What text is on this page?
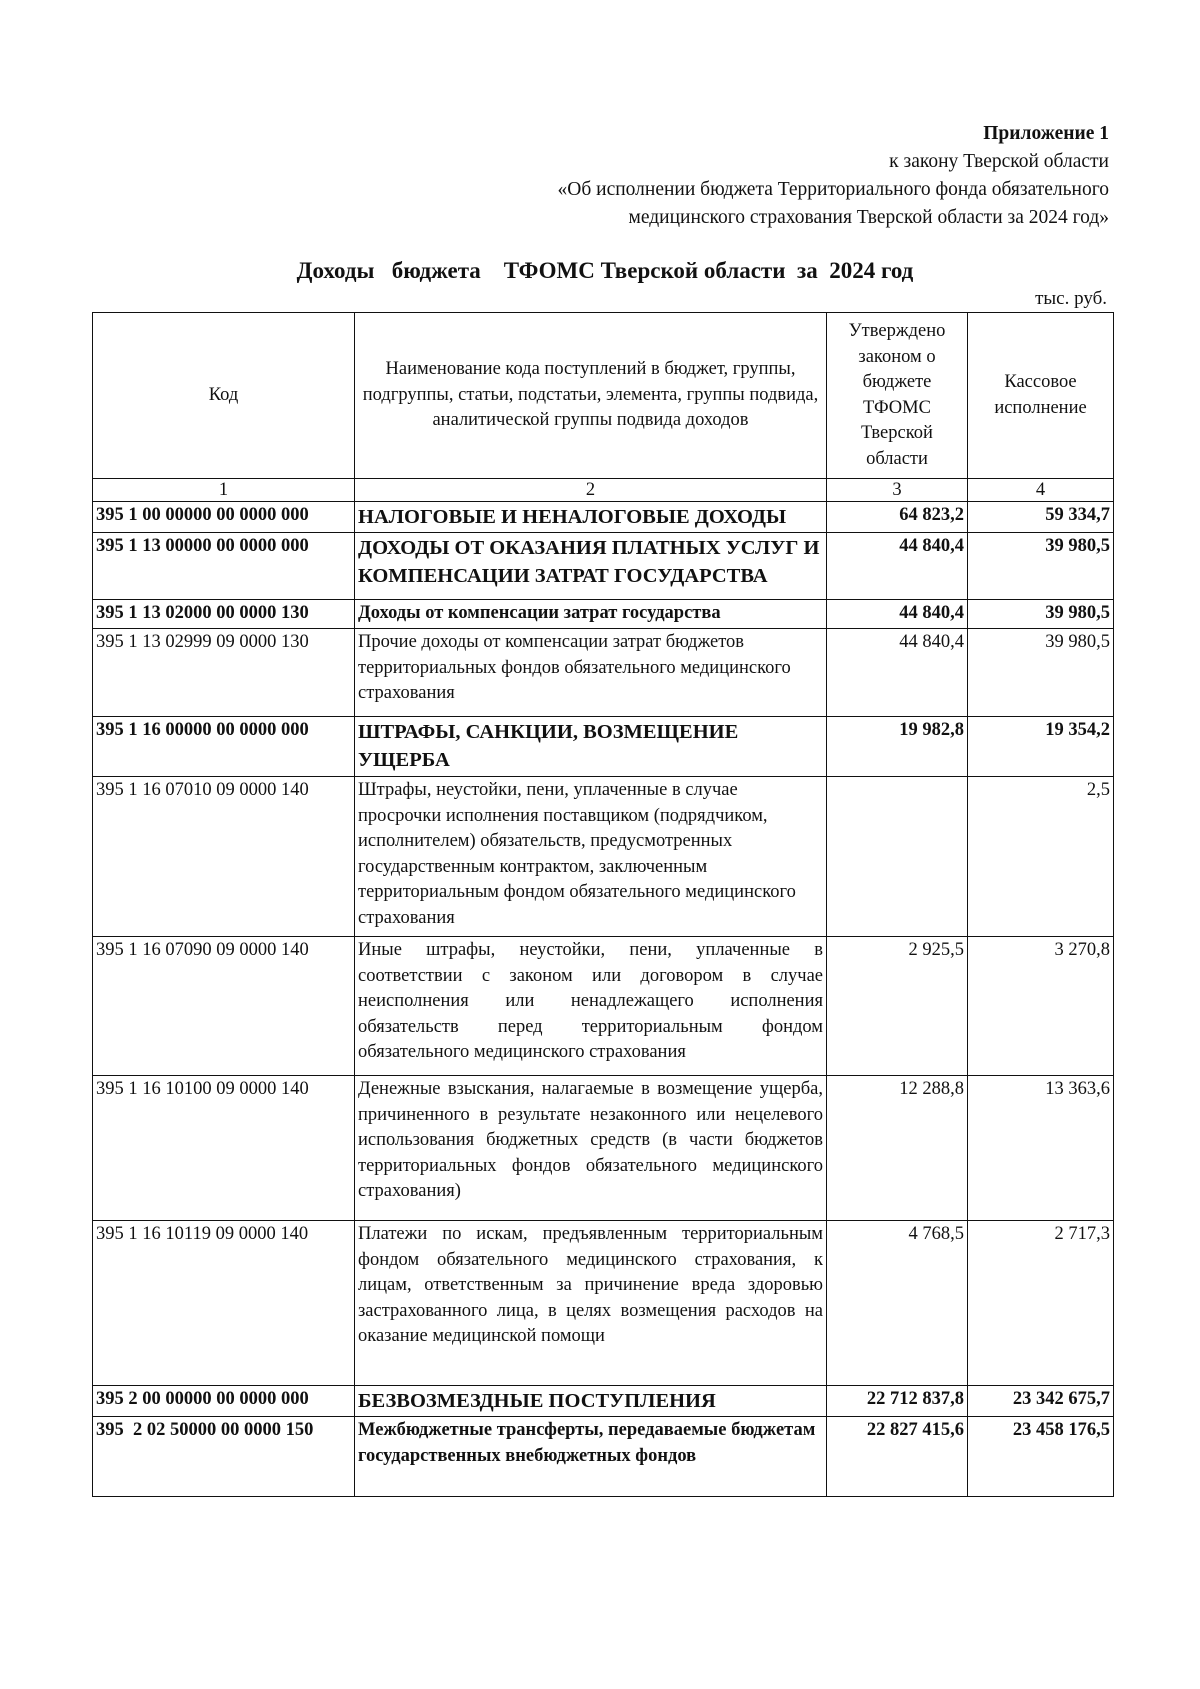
Приложение 1
к закону Тверской области
«Об исполнении бюджета Территориального фонда обязательного
медицинского страхования Тверской области за 2024 год»
Доходы   бюджета    ТФОМС Тверской области  за  2024 год
тыс. руб.
Код	Наименование кода поступлений в бюджет, группы, подгруппы, статьи, подстатьи, элемента, группы подвида, аналитической группы подвида доходов	Утверждено законом о бюджете ТФОМС Тверской области	Кассовое исполнение
1	2	3	4
395 1 00 00000 00 0000 000	НАЛОГОВЫЕ И НЕНАЛОГОВЫЕ ДОХОДЫ	64 823,2	59 334,7
395 1 13 00000 00 0000 000	ДОХОДЫ ОТ ОКАЗАНИЯ ПЛАТНЫХ УСЛУГ И КОМПЕНСАЦИИ ЗАТРАТ ГОСУДАРСТВА	44 840,4	39 980,5
395 1 13 02000 00 0000 130	Доходы от компенсации затрат государства	44 840,4	39 980,5
395 1 13 02999 09 0000 130	Прочие доходы от компенсации затрат бюджетов территориальных фондов обязательного медицинского страхования	44 840,4	39 980,5
395 1 16 00000 00 0000 000	ШТРАФЫ, САНКЦИИ, ВОЗМЕЩЕНИЕ УЩЕРБА	19 982,8	19 354,2
395 1 16 07010 09 0000 140	Штрафы, неустойки, пени, уплаченные в случае просрочки исполнения поставщиком (подрядчиком, исполнителем) обязательств, предусмотренных государственным контрактом, заключенным территориальным фондом обязательного медицинского страхования		2,5
395 1 16 07090 09 0000 140	Иные штрафы, неустойки, пени, уплаченные в соответствии с законом или договором в случае неисполнения или ненадлежащего исполнения обязательств перед территориальным фондом обязательного медицинского страхования	2 925,5	3 270,8
395 1 16 10100 09 0000 140	Денежные взыскания, налагаемые в возмещение ущерба, причиненного в результате незаконного или нецелевого использования бюджетных средств (в части бюджетов территориальных фондов обязательного медицинского страхования)	12 288,8	13 363,6
395 1 16 10119 09 0000 140	Платежи по искам, предъявленным территориальным фондом обязательного медицинского страхования, к лицам, ответственным за причинение вреда здоровью застрахованного лица, в целях возмещения расходов на оказание медицинской помощи	4 768,5	2 717,3
395 2 00 00000 00 0000 000	БЕЗВОЗМЕЗДНЫЕ ПОСТУПЛЕНИЯ	22 712 837,8	23 342 675,7
395  2 02 50000 00 0000 150	Межбюджетные трансферты, передаваемые бюджетам государственных внебюджетных фондов	22 827 415,6	23 458 176,5
